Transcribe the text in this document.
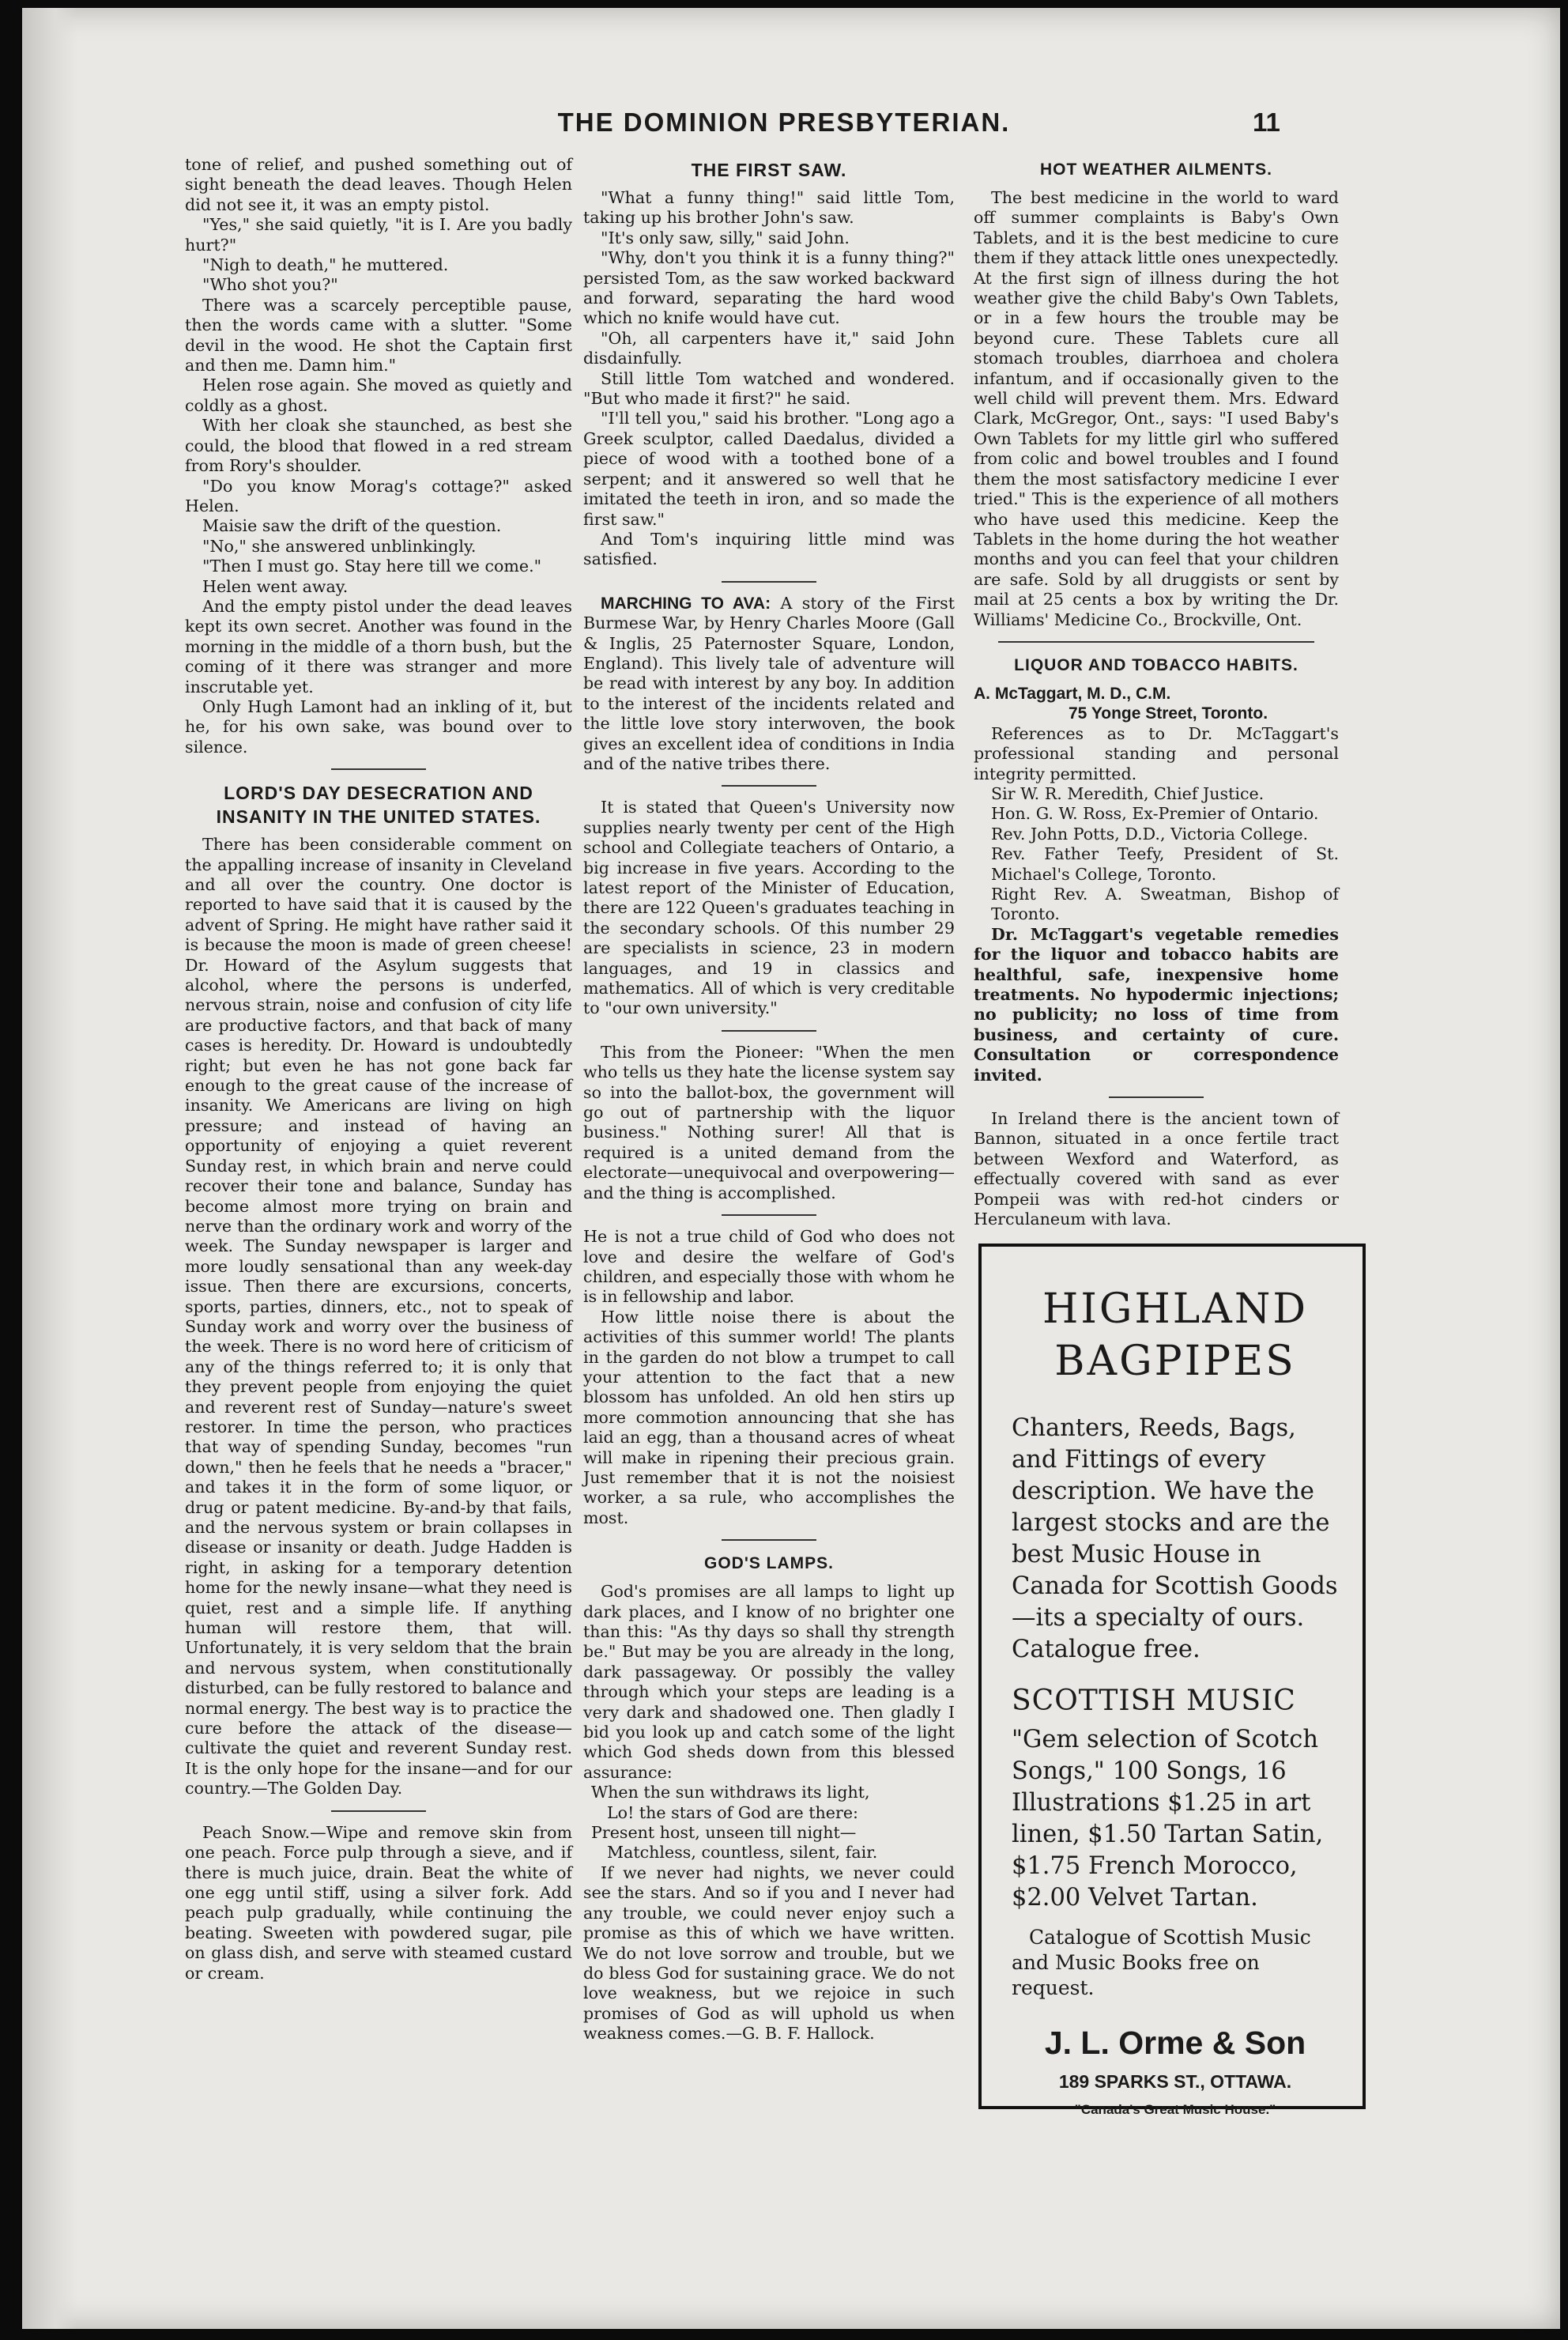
THE DOMINION PRESBYTERIAN.	11

tone of relief, and pushed something out of sight beneath the dead leaves. Though Helen did not see it, it was an empty pistol.

"Yes," she said quietly, "it is I. Are you badly hurt?"

"Nigh to death," he muttered.

"Who shot you?"

There was a scarcely perceptible pause, then the words came with a slutter. "Some devil in the wood. He shot the Captain first and then me. Damn him."

Helen rose again. She moved as quietly and coldly as a ghost.

With her cloak she staunched, as best she could, the blood that flowed in a red stream from Rory's shoulder.

"Do you know Morag's cottage?" asked Helen.

Maisie saw the drift of the question.

"No," she answered unblinkingly.

"Then I must go. Stay here till we come."

Helen went away.

And the empty pistol under the dead leaves kept its own secret. Another was found in the morning in the middle of a thorn bush, but the coming of it there was stranger and more inscrutable yet.

Only Hugh Lamont had an inkling of it, but he, for his own sake, was bound over to silence.

LORD'S DAY DESECRATION AND INSANITY IN THE UNITED STATES.

There has been considerable comment on the appalling increase of insanity in Cleveland and all over the country. One doctor is reported to have said that it is caused by the advent of Spring. He might have rather said it is because the moon is made of green cheese! Dr. Howard of the Asylum suggests that alcohol, where the persons is underfed, nervous strain, noise and confusion of city life are productive factors, and that back of many cases is heredity. Dr. Howard is undoubtedly right; but even he has not gone back far enough to the great cause of the increase of insanity. We Americans are living on high pressure; and instead of having an opportunity of enjoying a quiet reverent Sunday rest, in which brain and nerve could recover their tone and balance, Sunday has become almost more trying on brain and nerve than the ordinary work and worry of the week. The Sunday newspaper is larger and more loudly sensational than any week-day issue. Then there are excursions, concerts, sports, parties, dinners, etc., not to speak of Sunday work and worry over the business of the week. There is no word here of criticism of any of the things referred to; it is only that they prevent people from enjoying the quiet and reverent rest of Sunday—nature's sweet restorer. In time the person, who practices that way of spending Sunday, becomes "run down," then he feels that he needs a "bracer," and takes it in the form of some liquor, or drug or patent medicine. By-and-by that fails, and the nervous system or brain collapses in disease or insanity or death. Judge Hadden is right, in asking for a temporary detention home for the newly insane—what they need is quiet, rest and a simple life. If anything human will restore them, that will. Unfortunately, it is very seldom that the brain and nervous system, when constitutionally disturbed, can be fully restored to balance and normal energy. The best way is to practice the cure before the attack of the disease—cultivate the quiet and reverent Sunday rest. It is the only hope for the insane—and for our country.—The Golden Day.

Peach Snow.—Wipe and remove skin from one peach. Force pulp through a sieve, and if there is much juice, drain. Beat the white of one egg until stiff, using a silver fork. Add peach pulp gradually, while continuing the beating. Sweeten with powdered sugar, pile on glass dish, and serve with steamed custard or cream.

THE FIRST SAW.

"What a funny thing!" said little Tom, taking up his brother John's saw.

"It's only saw, silly," said John.

"Why, don't you think it is a funny thing?" persisted Tom, as the saw worked backward and forward, separating the hard wood which no knife would have cut.

"Oh, all carpenters have it," said John disdainfully.

Still little Tom watched and wondered. "But who made it first?" he said.

"I'll tell you," said his brother. "Long ago a Greek sculptor, called Daedalus, divided a piece of wood with a toothed bone of a serpent; and it answered so well that he imitated the teeth in iron, and so made the first saw."

And Tom's inquiring little mind was satisfied.

MARCHING TO AVA: A story of the First Burmese War, by Henry Charles Moore (Gall & Inglis, 25 Paternoster Square, London, England). This lively tale of adventure will be read with interest by any boy. In addition to the interest of the incidents related and the little love story interwoven, the book gives an excellent idea of conditions in India and of the native tribes there.

It is stated that Queen's University now supplies nearly twenty per cent of the High school and Collegiate teachers of Ontario, a big increase in five years. According to the latest report of the Minister of Education, there are 122 Queen's graduates teaching in the secondary schools. Of this number 29 are specialists in science, 23 in modern languages, and 19 in classics and mathematics. All of which is very creditable to "our own university."

This from the Pioneer: "When the men who tells us they hate the license system say so into the ballot-box, the government will go out of partnership with the liquor business." Nothing surer! All that is required is a united demand from the electorate—unequivocal and overpowering—and the thing is accomplished.

He is not a true child of God who does not love and desire the welfare of God's children, and especially those with whom he is in fellowship and labor.

How little noise there is about the activities of this summer world! The plants in the garden do not blow a trumpet to call your attention to the fact that a new blossom has unfolded. An old hen stirs up more commotion announcing that she has laid an egg, than a thousand acres of wheat will make in ripening their precious grain. Just remember that it is not the noisiest worker, a sa rule, who accomplishes the most.

GOD'S LAMPS.

God's promises are all lamps to light up dark places, and I know of no brighter one than this: "As thy days so shall thy strength be." But may be you are already in the long, dark passageway. Or possibly the valley through which your steps are leading is a very dark and shadowed one. Then gladly I bid you look up and catch some of the light which God sheds down from this blessed assurance:

When the sun withdraws its light,

Lo! the stars of God are there:

Present host, unseen till night—

Matchless, countless, silent, fair.

If we never had nights, we never could see the stars. And so if you and I never had any trouble, we could never enjoy such a promise as this of which we have written. We do not love sorrow and trouble, but we do bless God for sustaining grace. We do not love weakness, but we rejoice in such promises of God as will uphold us when weakness comes.—G. B. F. Hallock.

HOT WEATHER AILMENTS.

The best medicine in the world to ward off summer complaints is Baby's Own Tablets, and it is the best medicine to cure them if they attack little ones unexpectedly. At the first sign of illness during the hot weather give the child Baby's Own Tablets, or in a few hours the trouble may be beyond cure. These Tablets cure all stomach troubles, diarrhoea and cholera infantum, and if occasionally given to the well child will prevent them. Mrs. Edward Clark, McGregor, Ont., says: "I used Baby's Own Tablets for my little girl who suffered from colic and bowel troubles and I found them the most satisfactory medicine I ever tried." This is the experience of all mothers who have used this medicine. Keep the Tablets in the home during the hot weather months and you can feel that your children are safe. Sold by all druggists or sent by mail at 25 cents a box by writing the Dr. Williams' Medicine Co., Brockville, Ont.

LIQUOR AND TOBACCO HABITS.

A. McTaggart, M. D., C.M.

75 Yonge Street, Toronto.

References as to Dr. McTaggart's professional standing and personal integrity permitted.

Sir W. R. Meredith, Chief Justice.

Hon. G. W. Ross, Ex-Premier of Ontario.

Rev. John Potts, D.D., Victoria College.

Rev. Father Teefy, President of St. Michael's College, Toronto.

Right Rev. A. Sweatman, Bishop of Toronto.

Dr. McTaggart's vegetable remedies for the liquor and tobacco habits are healthful, safe, inexpensive home treatments. No hypodermic injections; no publicity; no loss of time from business, and certainty of cure. Consultation or correspondence invited.

In Ireland there is the ancient town of Bannon, situated in a once fertile tract between Wexford and Waterford, as effectually covered with sand as ever Pompeii was with red-hot cinders or Herculaneum with lava.

HIGHLAND
BAGPIPES

Chanters, Reeds, Bags, and Fittings of every description. We have the largest stocks and are the best Music House in Canada for Scottish Goods—its a specialty of ours. Catalogue free.

SCOTTISH MUSIC

"Gem selection of Scotch Songs," 100 Songs, 16 Illustrations $1.25 in art linen, $1.50 Tartan Satin, $1.75 French Morocco, $2.00 Velvet Tartan.

Catalogue of Scottish Music and Music Books free on request.

J. L. Orme & Son
189 SPARKS ST., OTTAWA.
"Canada's Great Music House."
